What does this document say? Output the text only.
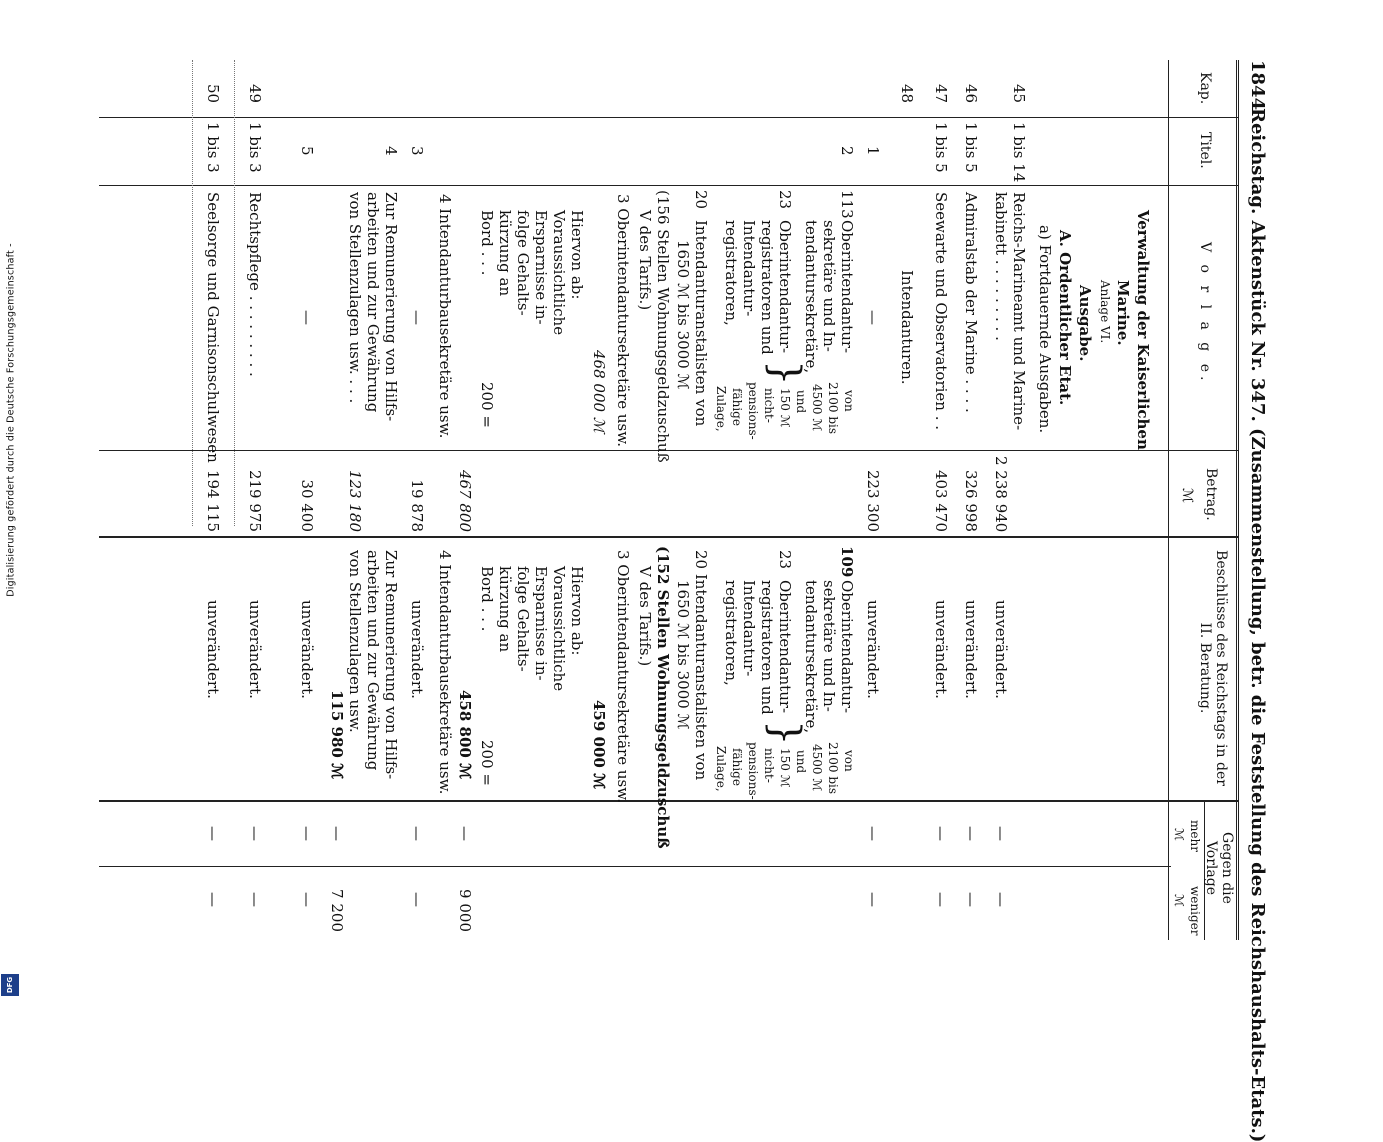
Digitalisierung gefördert durch die Deutsche Forschungsgemeinschaft -
DFG
1844
Reichstag. Aktenstück Nr. 347. (Zusammenstellung, betr. die Feststellung des Reichshaushalts-Etats.)
Kap.
Titel.
V o r l a g e.
Betrag.
ℳ
Beschlüsse des Reichstags in der II. Beratung.
Gegen die Vorlage
mehr
weniger
ℳ
ℳ
Verwaltung der Kaiserlichen
Marine.
Anlage VI.
Ausgabe.
A. Ordentlicher Etat.
a) Fortdauernde Ausgaben.
45
1 bis 14
Reichs-Marineamt und Marine-
kabinett . . . . . . . . .
2 238 940
unverändert.
—
—
46
1 bis 5
Admiralstab der Marine . . . .
326 998
unverändert.
—
—
47
1 bis 5
Seewarte und Observatorien . .
403 470
unverändert.
—
—
48
Intendanturen.
1
—
223 300
unverändert.
—
—
2
113
Oberintendantur-
sekretäre und In-
tendantursekretäre,
}
von
2100 bis
4500 ℳ
und
150 ℳ
nicht-
pensions-
fähige
Zulage,
23
Oberintendantur-
registratoren und
Intendantur-
registratoren,
20
Intendanturanstalisten von
1650 ℳ bis 3000 ℳ
(156 Stellen Wohnungsgeldzuschuß
V des Tarifs.)
3 Oberintendantursekretäre usw.
468 000 ℳ
Hiervon ab:
Voraussichtliche
Ersparnisse in-
folge Gehalts-
kürzung an
Bord . . .
200 =
467 800
4 Intendanturbausekretäre usw.
109
Oberintendantur-
sekretäre und In-
tendantursekretäre,
}
von
2100 bis
4500 ℳ
und
150 ℳ
nicht-
pensions-
fähige
Zulage,
23
Oberintendantur-
registratoren und
Intendantur-
registratoren,
20 Intendanturanstalisten von
1650 ℳ bis 3000 ℳ
(152 Stellen Wohnungsgeldzuschuß
V des Tarifs.)
3 Oberintendantursekretäre usw.
459 000 ℳ
Hiervon ab:
Voraussichtliche
Ersparnisse in-
folge Gehalts-
kürzung an
Bord . . .
200 =
458 800 ℳ
4 Intendanturbausekretäre usw.
—
9 000
3
—
19 878
unverändert.
—
—
4
Zur Remunerierung von Hilfs-
arbeiten und zur Gewährung
von Stellenzulagen usw. . . .
123 180
Zur Remunerierung von Hilfs-
arbeiten und zur Gewährung
von Stellenzulagen usw.
115 980 ℳ
—
7 200
5
—
30 400
unverändert.
—
—
49
1 bis 3
Rechtspflege . . . . . . . . .
219 975
unverändert.
—
—
50
1 bis 3
Seelsorge und Garnisonschulwesen
194 115
unverändert.
—
—
